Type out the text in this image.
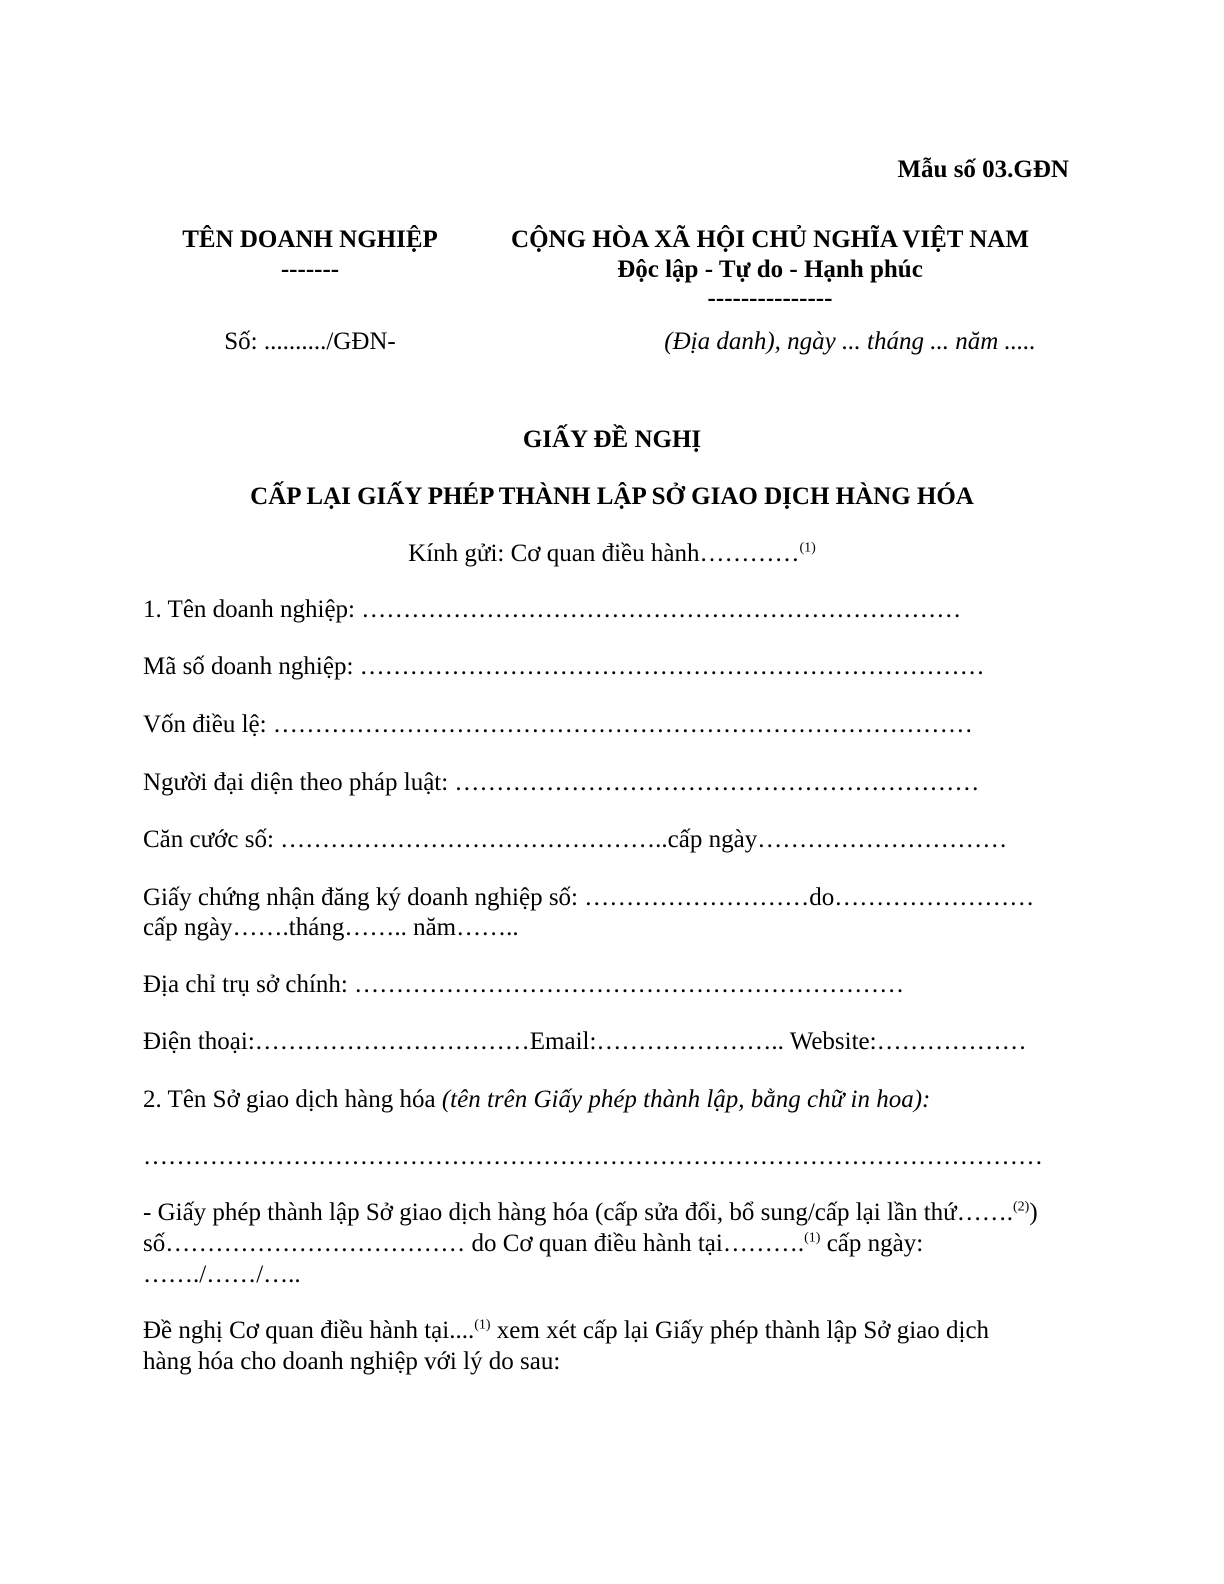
Mẫu số 03.GĐN
TÊN DOANH NGHIỆP
-------
Số: ........../GĐN-
CỘNG HÒA XÃ HỘI CHỦ NGHĨA VIỆT NAM
Độc lập - Tự do - Hạnh phúc
---------------
(Địa danh), ngày ... tháng ... năm .....
GIẤY ĐỀ NGHỊ
CẤP LẠI GIẤY PHÉP THÀNH LẬP SỞ GIAO DỊCH HÀNG HÓA
Kính gửi: Cơ quan điều hành…………$^{(1)}$
1. Tên doanh nghiệp: ………………………………………………………………
Mã số doanh nghiệp: …………………………………………………………………
Vốn điều lệ: …………………………………………………………………………
Người đại diện theo pháp luật: ………………………………………………………
Căn cước số: ………………………………………..cấp ngày…………………………
Giấy chứng nhận đăng ký doanh nghiệp số: ………………………do……………………
cấp ngày…….tháng…….. năm……..
Địa chỉ trụ sở chính: …………………………………………………………
Điện thoại:……………………………Email:………………….. Website:………………
2. Tên Sở giao dịch hàng hóa (tên trên Giấy phép thành lập, bằng chữ in hoa):
………………………………………………………………………………………………
- Giấy phép thành lập Sở giao dịch hàng hóa (cấp sửa đổi, bổ sung/cấp lại lần thứ…….$^{(2)}$)
số……………………………… do Cơ quan điều hành tại……….$^{(1)}$ cấp ngày:
……./……/…..
Đề nghị Cơ quan điều hành tại....$^{(1)}$ xem xét cấp lại Giấy phép thành lập Sở giao dịch
hàng hóa cho doanh nghiệp với lý do sau:
